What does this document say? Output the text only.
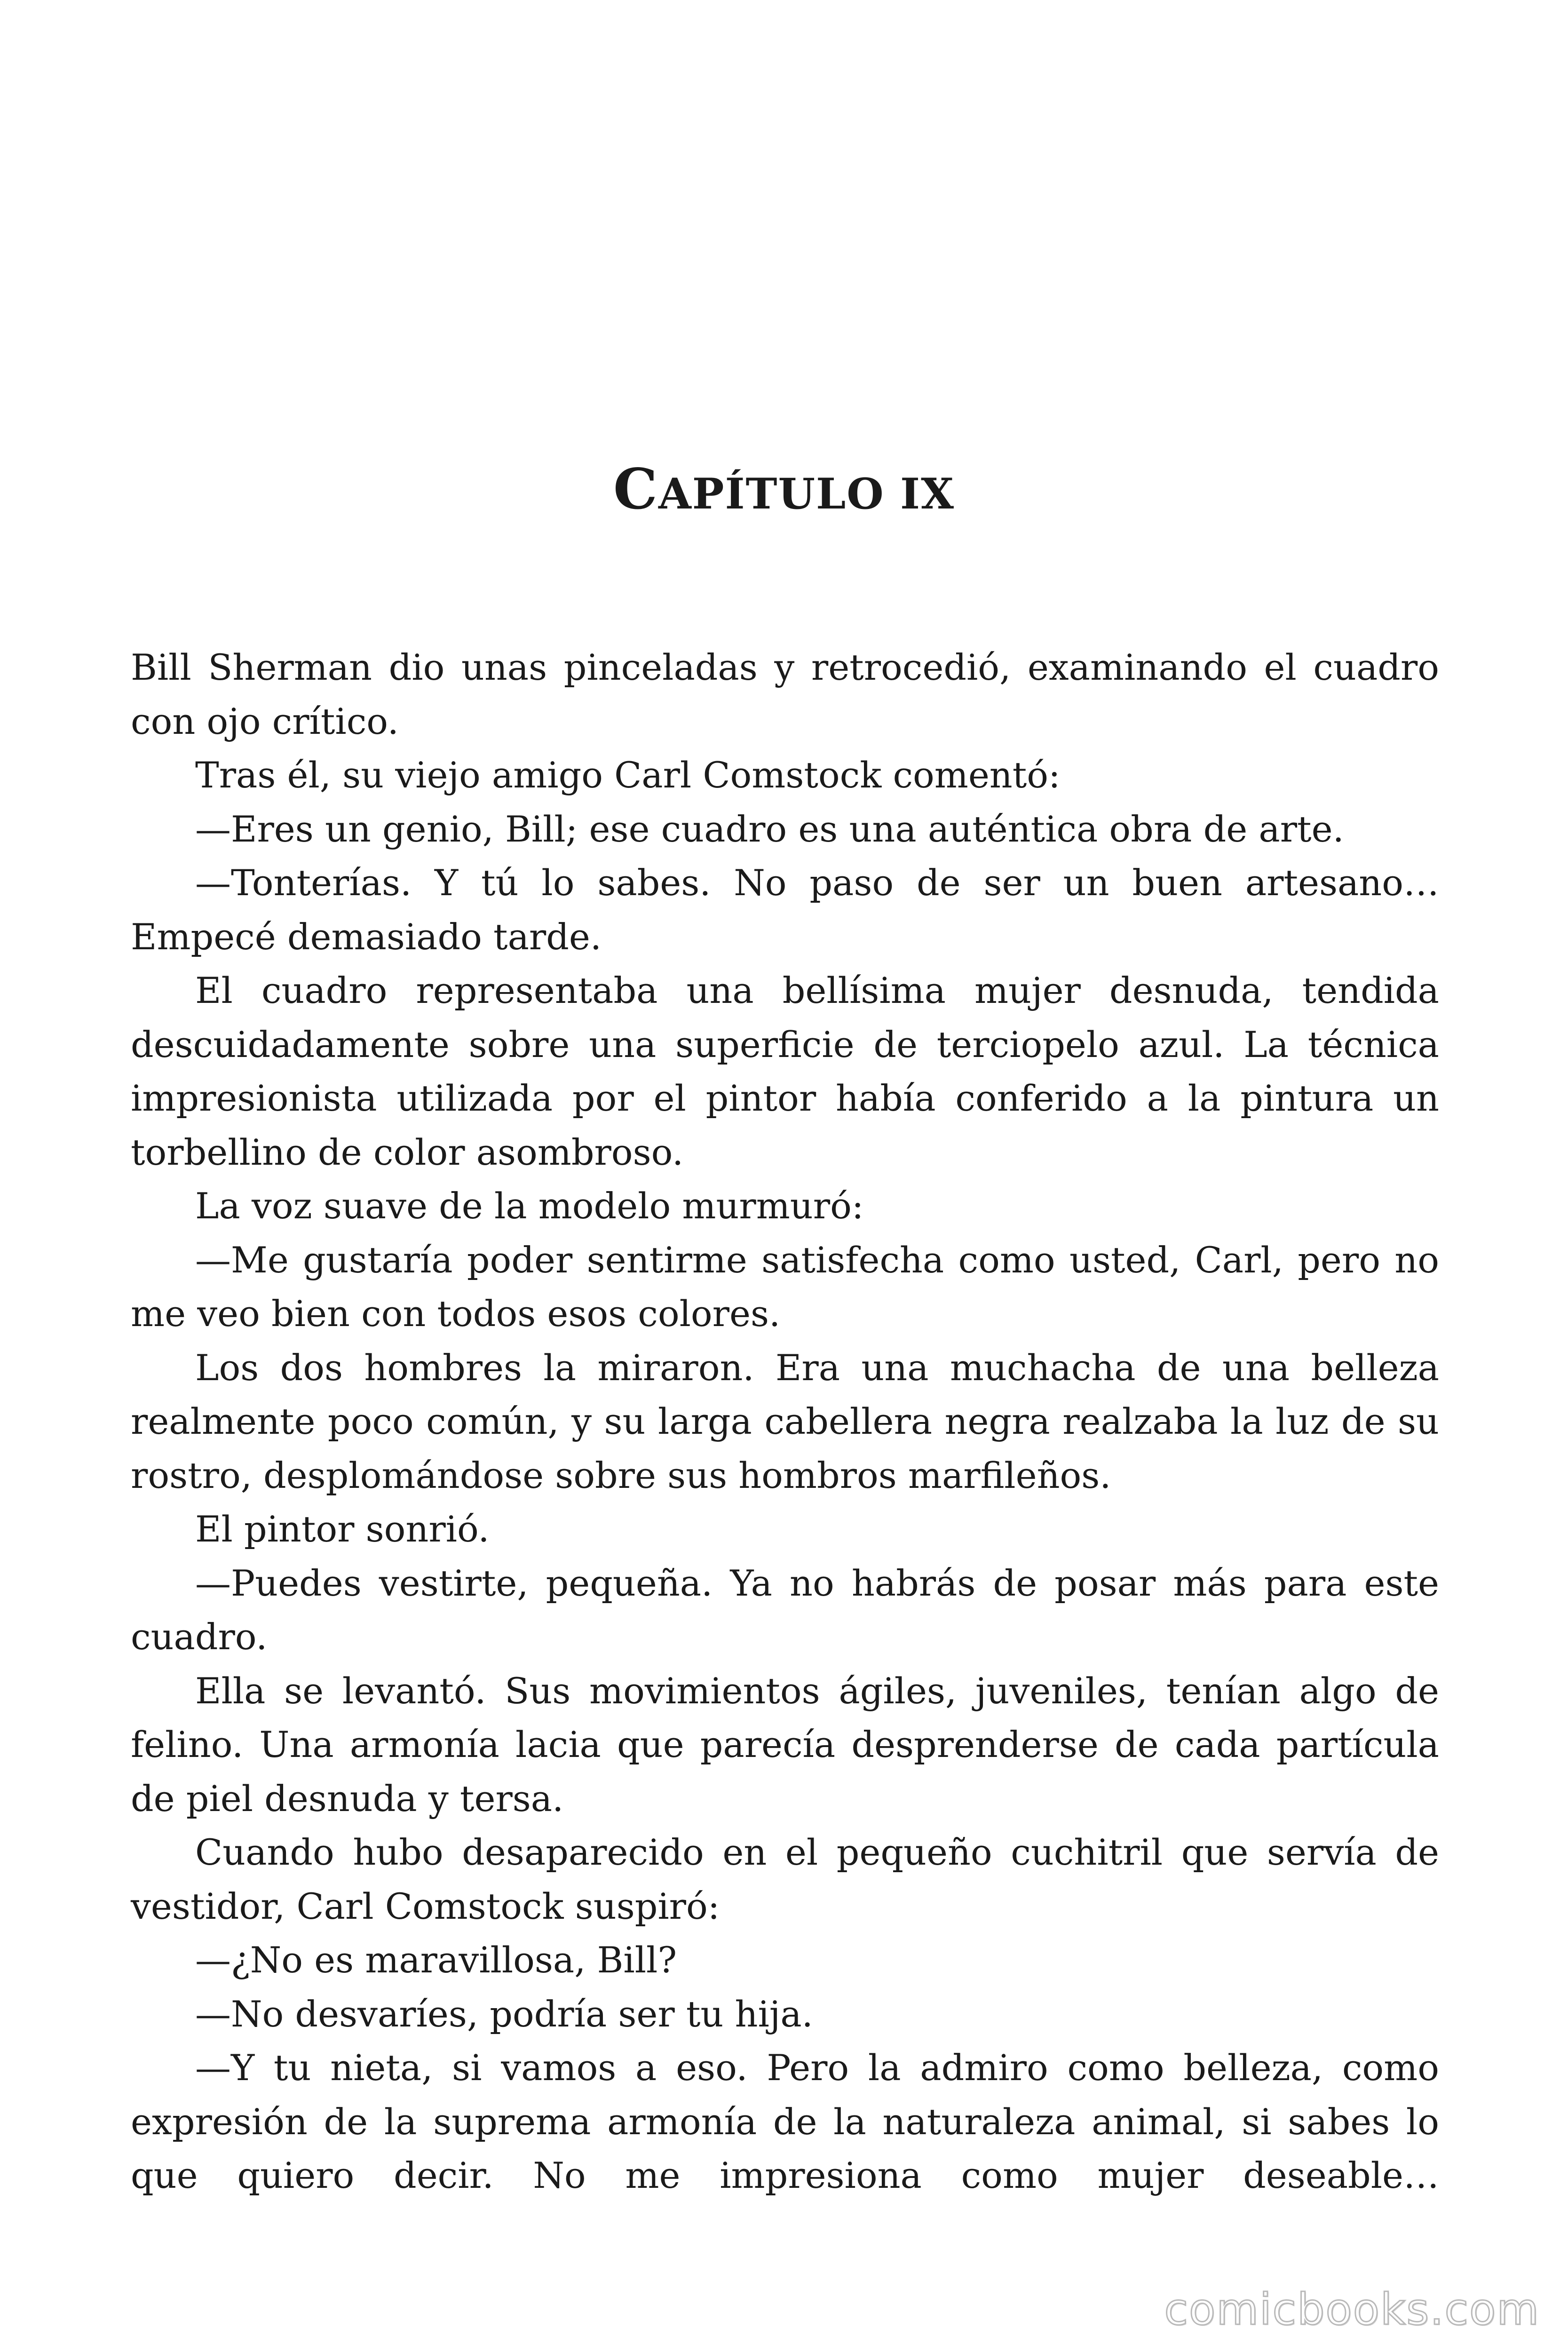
CAPÍTULO IX

Bill Sherman dio unas pinceladas y retrocedió, examinando el cuadro con ojo crítico.

Tras él, su viejo amigo Carl Comstock comentó:

—Eres un genio, Bill; ese cuadro es una auténtica obra de arte.

—Tonterías. Y tú lo sabes. No paso de ser un buen artesano… Empecé demasiado tarde.

El cuadro representaba una bellísima mujer desnuda, tendida descuidadamente sobre una superficie de terciopelo azul. La técnica impresionista utilizada por el pintor había conferido a la pintura un torbellino de color asombroso.

La voz suave de la modelo murmuró:

—Me gustaría poder sentirme satisfecha como usted, Carl, pero no me veo bien con todos esos colores.

Los dos hombres la miraron. Era una muchacha de una belleza realmente poco común, y su larga cabellera negra realzaba la luz de su rostro, desplomándose sobre sus hombros marfileños.

El pintor sonrió.

—Puedes vestirte, pequeña. Ya no habrás de posar más para este cuadro.

Ella se levantó. Sus movimientos ágiles, juveniles, tenían algo de felino. Una armonía lacia que parecía desprenderse de cada partícula de piel desnuda y tersa.

Cuando hubo desaparecido en el pequeño cuchitril que servía de vestidor, Carl Comstock suspiró:

—¿No es maravillosa, Bill?

—No desvaríes, podría ser tu hija.

—Y tu nieta, si vamos a eso. Pero la admiro como belleza, como expresión de la suprema armonía de la naturaleza animal, si sabes lo que quiero decir. No me impresiona como mujer deseable…

comicbooks.com
